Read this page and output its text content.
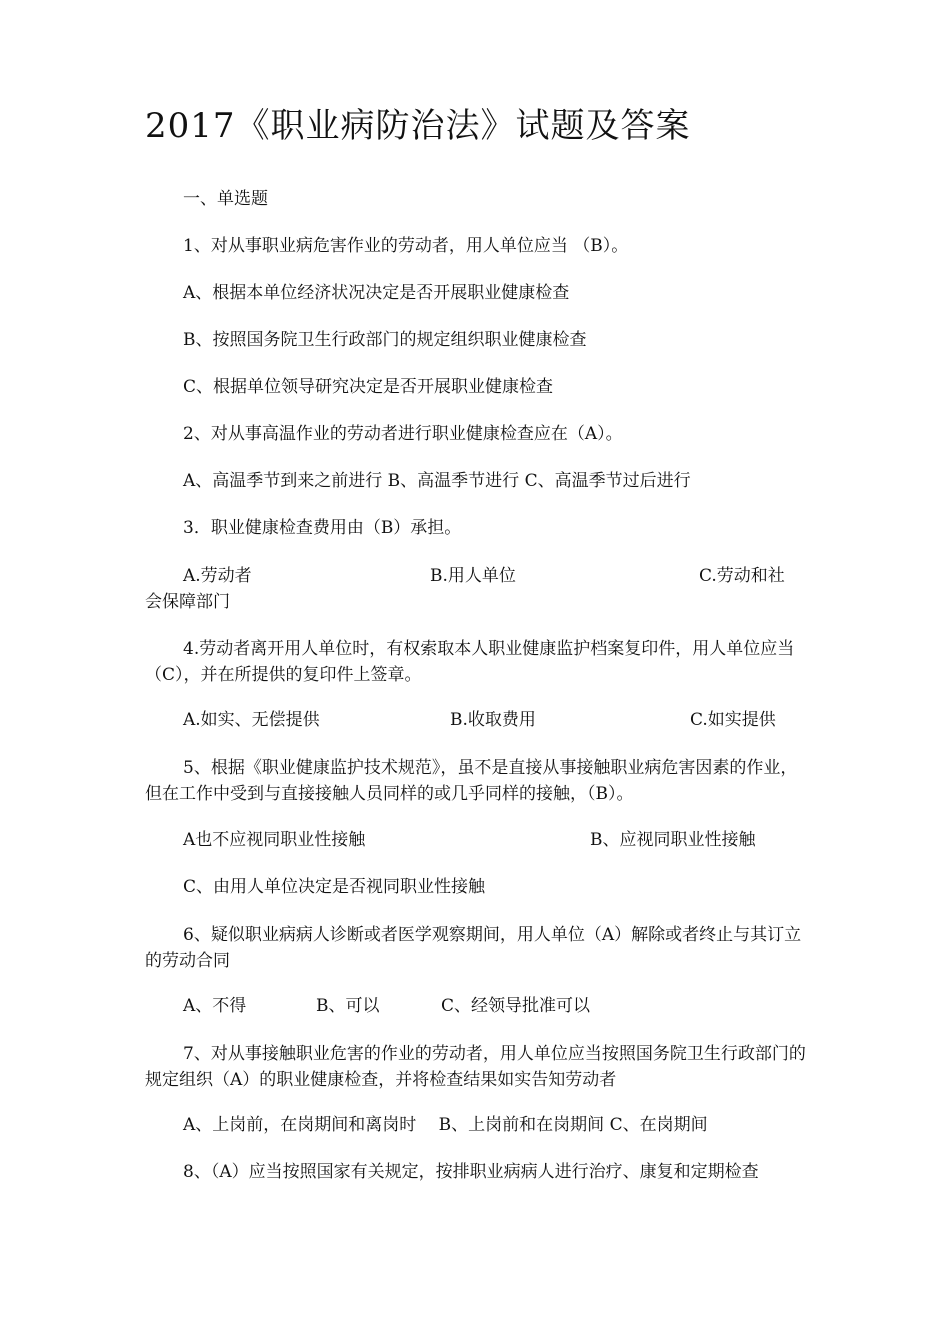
2017《职业病防治法》试题及答案
一、单选题
1、对从事职业病危害作业的劳动者，用人单位应当 （B）。
A、根据本单位经济状况决定是否开展职业健康检查
B、按照国务院卫生行政部门的规定组织职业健康检查
C、根据单位领导研究决定是否开展职业健康检查
2、对从事高温作业的劳动者进行职业健康检查应在（A）。
A、高温季节到来之前进行 B、高温季节进行 C、高温季节过后进行
3．职业健康检查费用由（B）承担。
A.劳动者	B.用人单位	C.劳动和社
会保障部门
4.劳动者离开用人单位时，有权索取本人职业健康监护档案复印件，用人单位应当（C），并在所提供的复印件上签章。
A.如实、无偿提供	B.收取费用	C.如实提供
5、根据《职业健康监护技术规范》，虽不是直接从事接触职业病危害因素的作业，但在工作中受到与直接接触人员同样的或几乎同样的接触，（B）。
A也不应视同职业性接触	B、应视同职业性接触
C、由用人单位决定是否视同职业性接触
6、疑似职业病病人诊断或者医学观察期间，用人单位（A）解除或者终止与其订立的劳动合同
A、不得	B、可以	C、经领导批准可以
7、对从事接触职业危害的作业的劳动者，用人单位应当按照国务院卫生行政部门的规定组织（A）的职业健康检查，并将检查结果如实告知劳动者
A、上岗前，在岗期间和离岗时　 B、上岗前和在岗期间 C、在岗期间
8、（A）应当按照国家有关规定，按排职业病病人进行治疗、康复和定期检查
